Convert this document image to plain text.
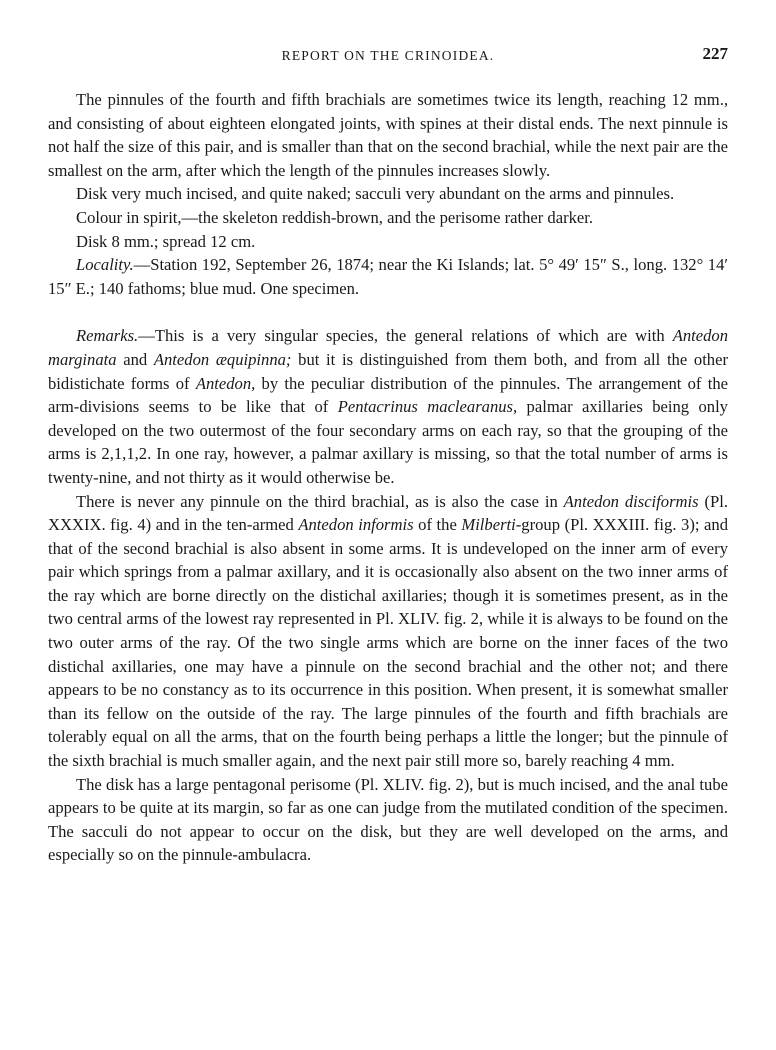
REPORT ON THE CRINOIDEA.	227

The pinnules of the fourth and fifth brachials are sometimes twice its length, reaching 12 mm., and consisting of about eighteen elongated joints, with spines at their distal ends. The next pinnule is not half the size of this pair, and is smaller than that on the second brachial, while the next pair are the smallest on the arm, after which the length of the pinnules increases slowly.

Disk very much incised, and quite naked; sacculi very abundant on the arms and pinnules.

Colour in spirit,—the skeleton reddish-brown, and the perisome rather darker.

Disk 8 mm.; spread 12 cm.

Locality.—Station 192, September 26, 1874; near the Ki Islands; lat. 5° 49′ 15″ S., long. 132° 14′ 15″ E.; 140 fathoms; blue mud. One specimen.

Remarks.—This is a very singular species, the general relations of which are with Antedon marginata and Antedon æquipinna; but it is distinguished from them both, and from all the other bidistichate forms of Antedon, by the peculiar distribution of the pinnules. The arrangement of the arm-divisions seems to be like that of Pentacrinus maclearanus, palmar axillaries being only developed on the two outermost of the four secondary arms on each ray, so that the grouping of the arms is 2,1,1,2. In one ray, however, a palmar axillary is missing, so that the total number of arms is twenty-nine, and not thirty as it would otherwise be.

There is never any pinnule on the third brachial, as is also the case in Antedon disciformis (Pl. XXXIX. fig. 4) and in the ten-armed Antedon informis of the Milberti-group (Pl. XXXIII. fig. 3); and that of the second brachial is also absent in some arms. It is undeveloped on the inner arm of every pair which springs from a palmar axillary, and it is occasionally also absent on the two inner arms of the ray which are borne directly on the distichal axillaries; though it is sometimes present, as in the two central arms of the lowest ray represented in Pl. XLIV. fig. 2, while it is always to be found on the two outer arms of the ray. Of the two single arms which are borne on the inner faces of the two distichal axillaries, one may have a pinnule on the second brachial and the other not; and there appears to be no constancy as to its occurrence in this position. When present, it is somewhat smaller than its fellow on the outside of the ray. The large pinnules of the fourth and fifth brachials are tolerably equal on all the arms, that on the fourth being perhaps a little the longer; but the pinnule of the sixth brachial is much smaller again, and the next pair still more so, barely reaching 4 mm.

The disk has a large pentagonal perisome (Pl. XLIV. fig. 2), but is much incised, and the anal tube appears to be quite at its margin, so far as one can judge from the mutilated condition of the specimen. The sacculi do not appear to occur on the disk, but they are well developed on the arms, and especially so on the pinnule-ambulacra.
